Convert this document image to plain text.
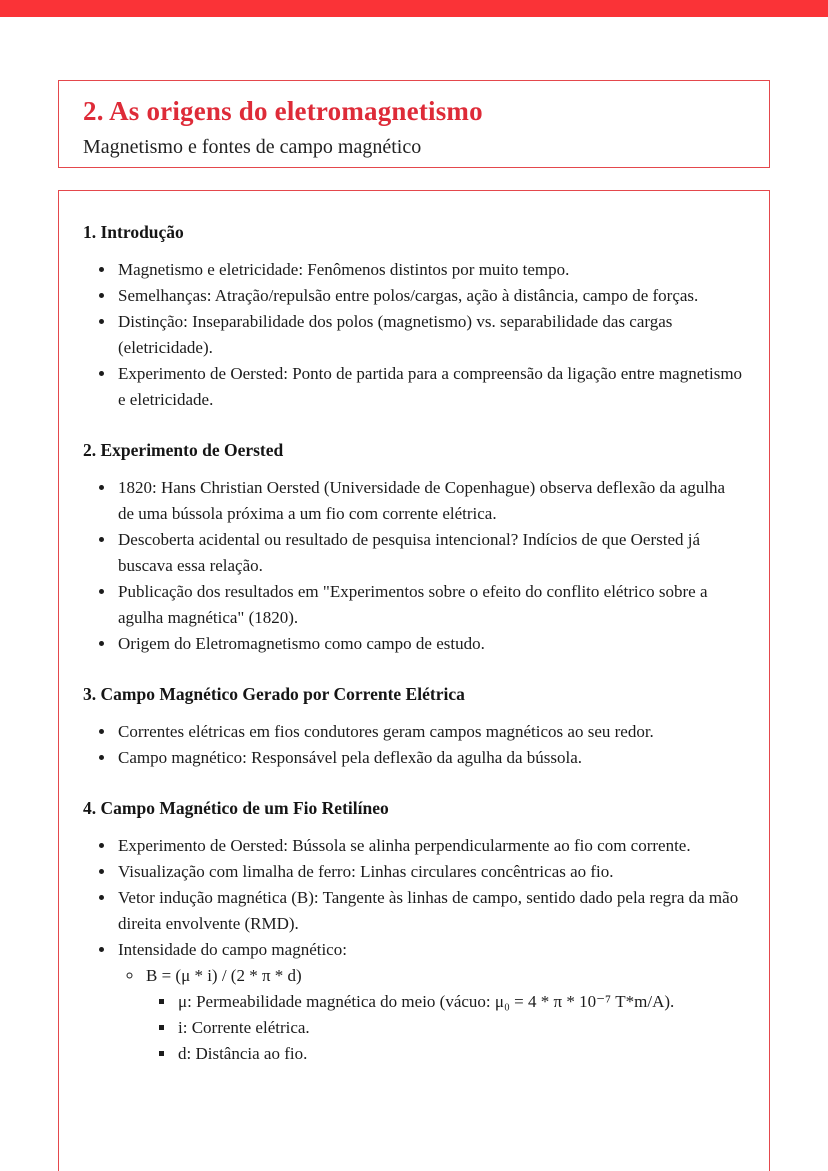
2. As origens do eletromagnetismo
Magnetismo e fontes de campo magnético
1. Introdução
• Magnetismo e eletricidade: Fenômenos distintos por muito tempo.
• Semelhanças: Atração/repulsão entre polos/cargas, ação à distância, campo de forças.
• Distinção: Inseparabilidade dos polos (magnetismo) vs. separabilidade das cargas (eletricidade).
• Experimento de Oersted: Ponto de partida para a compreensão da ligação entre magnetismo e eletricidade.
2. Experimento de Oersted
• 1820: Hans Christian Oersted (Universidade de Copenhague) observa deflexão da agulha de uma bússola próxima a um fio com corrente elétrica.
• Descoberta acidental ou resultado de pesquisa intencional? Indícios de que Oersted já buscava essa relação.
• Publicação dos resultados em "Experimentos sobre o efeito do conflito elétrico sobre a agulha magnética" (1820).
• Origem do Eletromagnetismo como campo de estudo.
3. Campo Magnético Gerado por Corrente Elétrica
• Correntes elétricas em fios condutores geram campos magnéticos ao seu redor.
• Campo magnético: Responsável pela deflexão da agulha da bússola.
4. Campo Magnético de um Fio Retilíneo
• Experimento de Oersted: Bússola se alinha perpendicularmente ao fio com corrente.
• Visualização com limalha de ferro: Linhas circulares concêntricas ao fio.
• Vetor indução magnética (B): Tangente às linhas de campo, sentido dado pela regra da mão direita envolvente (RMD).
• Intensidade do campo magnético:
◦ B = (μ * i) / (2 * π * d)
▪ μ: Permeabilidade magnética do meio (vácuo: μ₀ = 4 * π * 10⁻⁷ T*m/A).
▪ i: Corrente elétrica.
▪ d: Distância ao fio.
